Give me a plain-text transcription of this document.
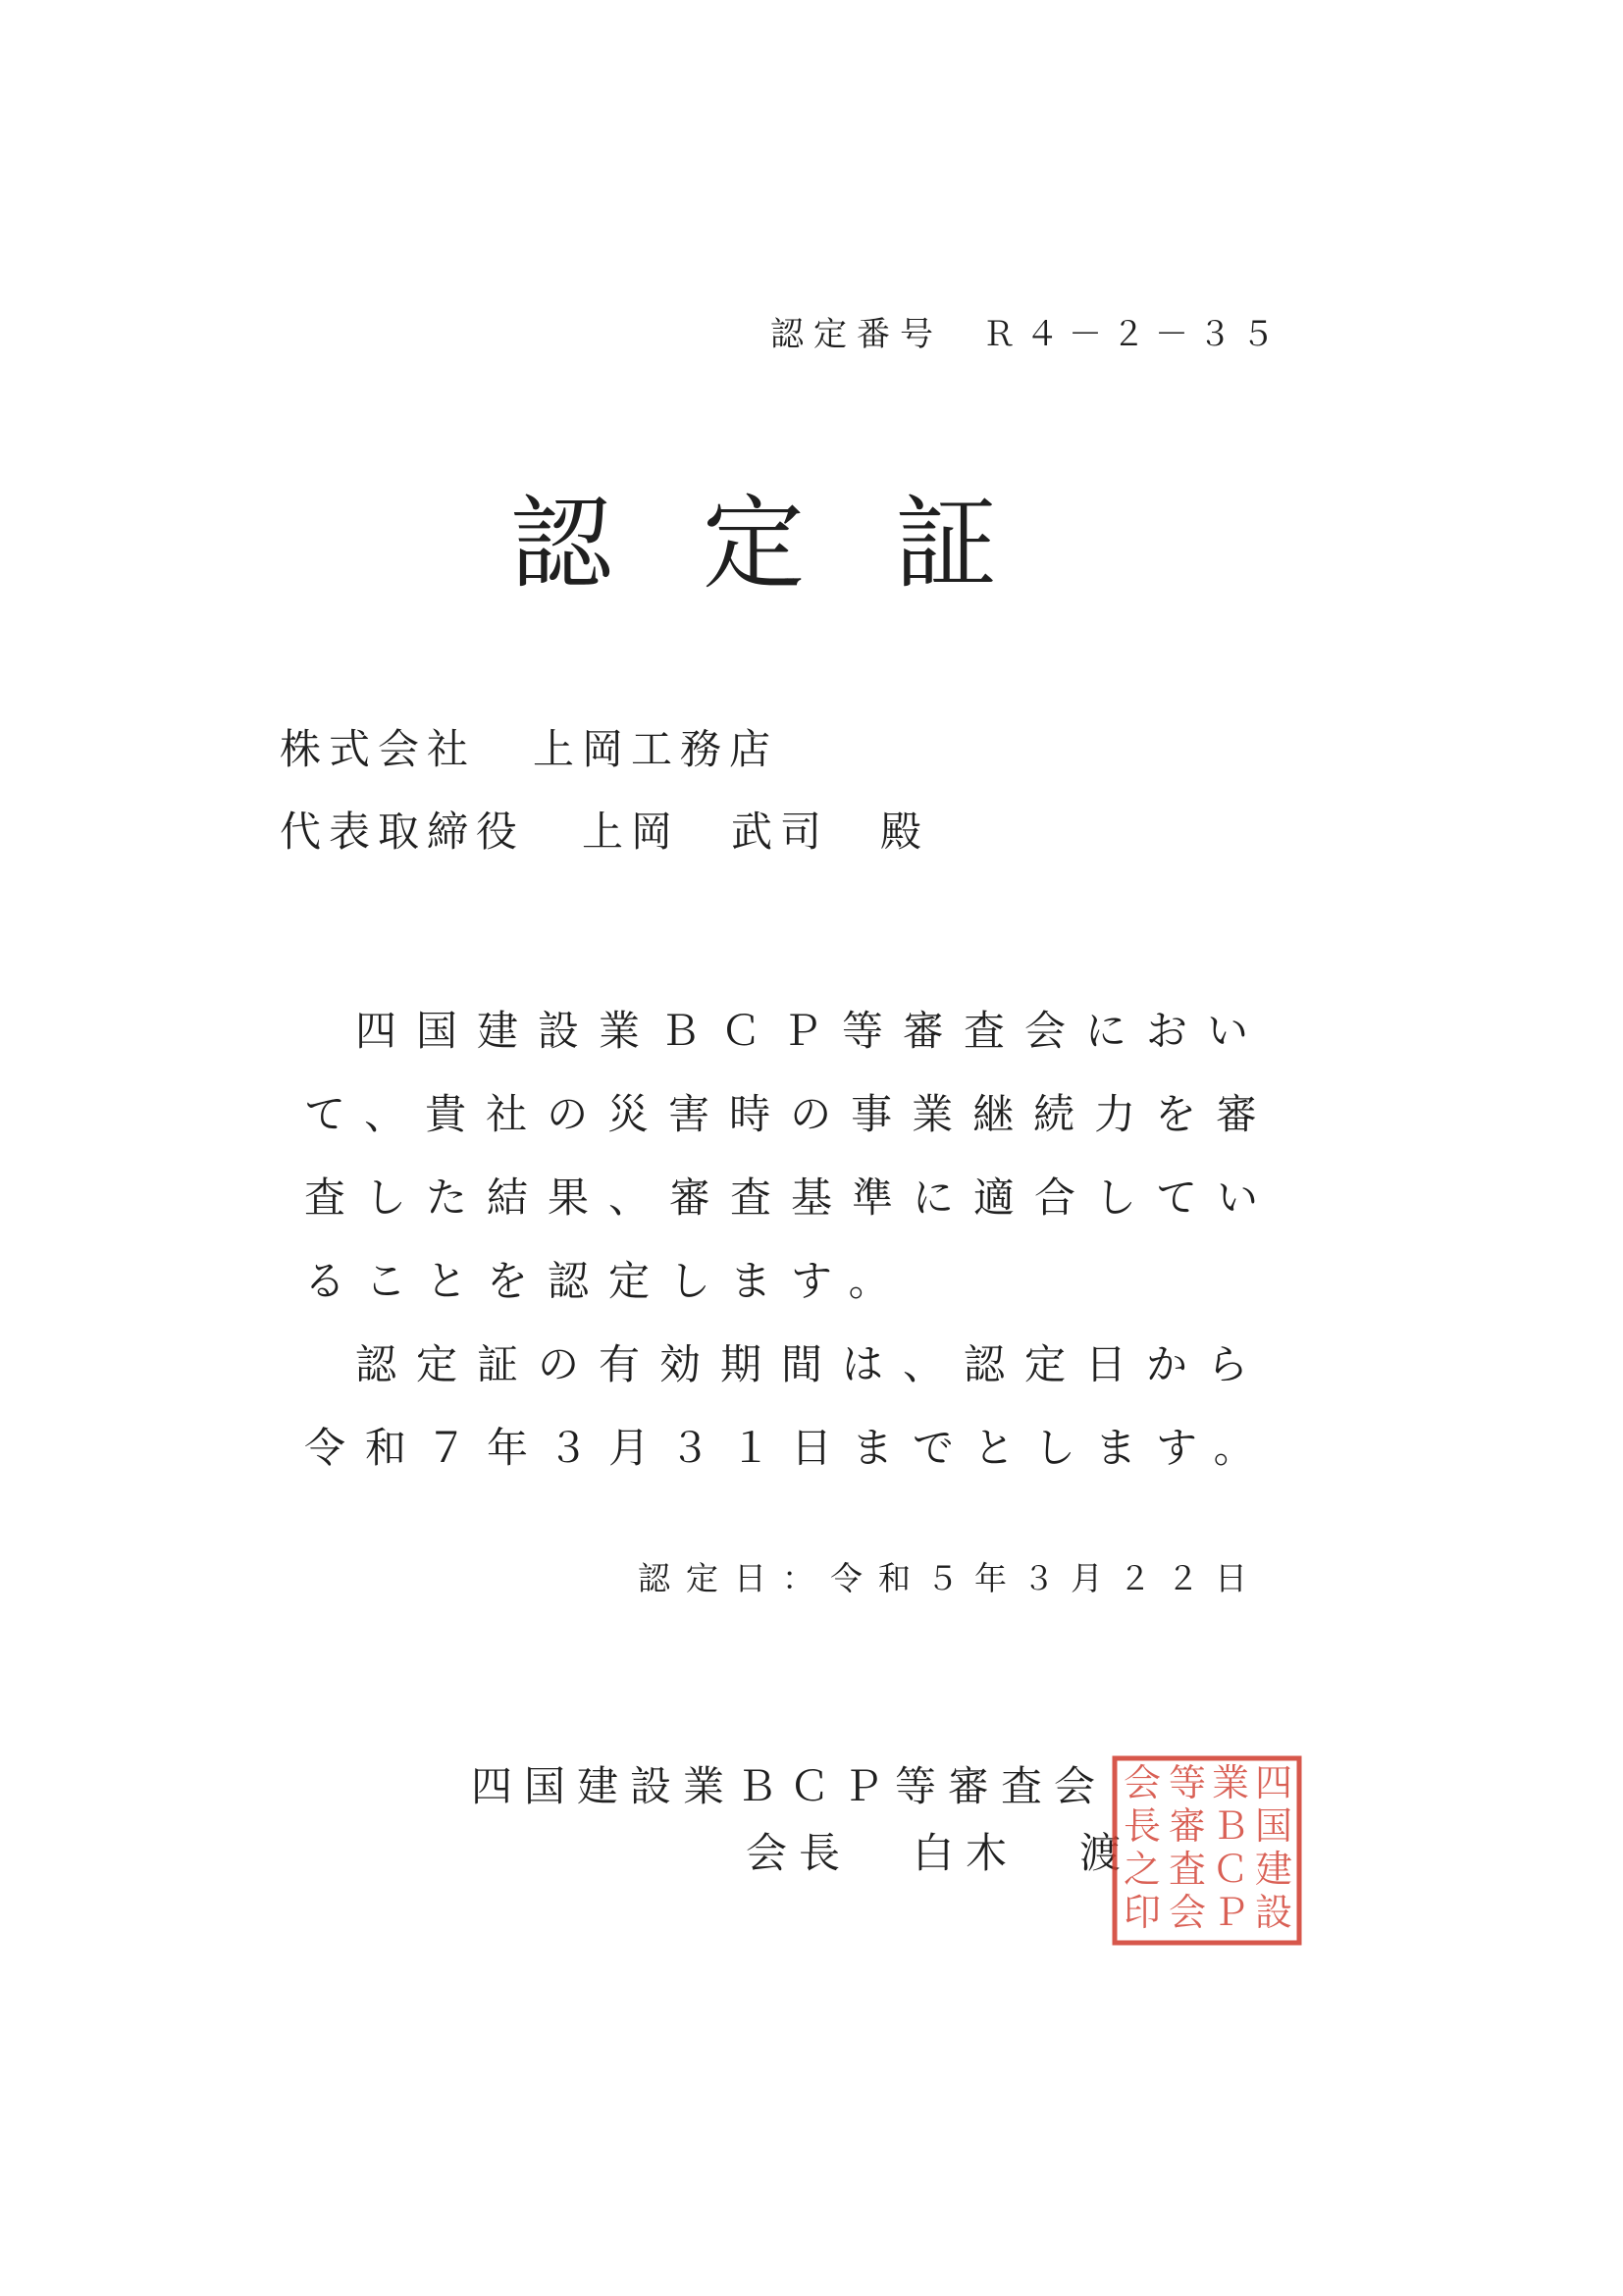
認定番号 Ｒ４－２－３５
認定証
株式会社 上岡工務店
代表取締役 上岡 武司 殿

四国建設業ＢＣＰ等審査会において、貴社の災害時の事業継続力を審査した結果、審査基準に適合していることを認定します。

認定証の有効期間は、認定日から令和７年３月３１日までとします。

認定日：令和５年３月２２日
四国建設業ＢＣＰ等審査会
会長 白木 渡
四
国
建
設
業
Ｂ
Ｃ
Ｐ
等
審
査
会
会
長
之
印
